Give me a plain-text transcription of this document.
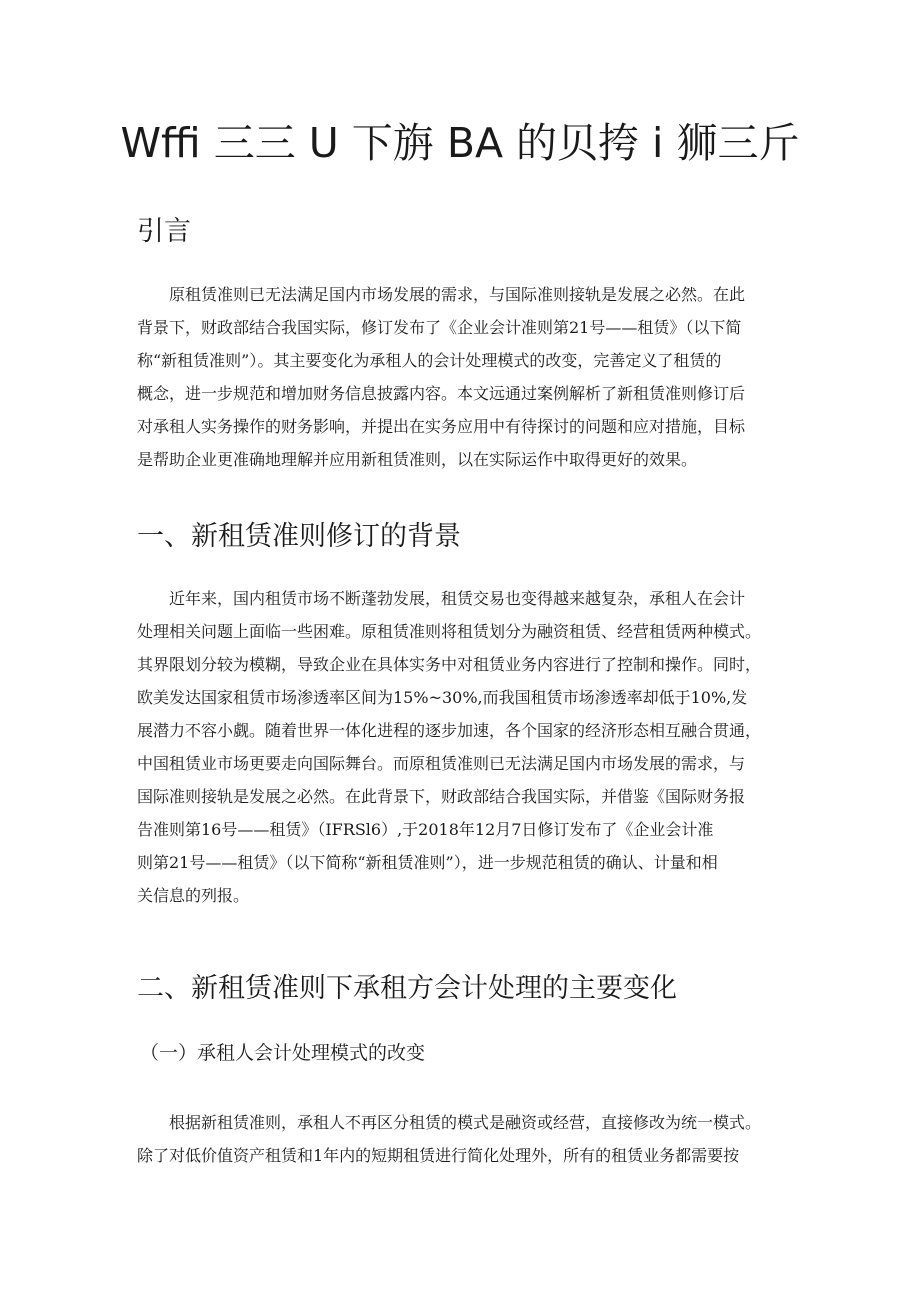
Wffi 三三 U 下旃 BA 的贝挎 i 狮三斤
引言
　　原租赁准则已无法满足国内市场发展的需求，与国际准则接轨是发展之必然。在此
背景下，财政部结合我国实际，修订发布了《企业会计准则第21号——租赁》（以下简
称“新租赁准则”）。其主要变化为承租人的会计处理模式的改变，完善定义了租赁的
概念，进一步规范和增加财务信息披露内容。本文远通过案例解析了新租赁准则修订后
对承租人实务操作的财务影响，并提出在实务应用中有待探讨的问题和应对措施，目标
是帮助企业更准确地理解并应用新租赁准则，以在实际运作中取得更好的效果。
一、新租赁准则修订的背景
　　近年来，国内租赁市场不断蓬勃发展，租赁交易也变得越来越复杂，承租人在会计
处理相关问题上面临一些困难。原租赁准则将租赁划分为融资租赁、经营租赁两种模式。
其界限划分较为模糊，导致企业在具体实务中对租赁业务内容进行了控制和操作。同时，
欧美发达国家租赁市场渗透率区间为15%~30%,而我国租赁市场渗透率却低于10%,发
展潜力不容小觑。随着世界一体化进程的逐步加速，各个国家的经济形态相互融合贯通，
中国租赁业市场更要走向国际舞台。而原租赁准则已无法满足国内市场发展的需求，与
国际准则接轨是发展之必然。在此背景下，财政部结合我国实际，并借鉴《国际财务报
告准则第16号——租赁》（IFRSl6）,于2018年12月7日修订发布了《企业会计准
则第21号——租赁》（以下简称“新租赁准则”），进一步规范租赁的确认、计量和相
关信息的列报。
二、新租赁准则下承租方会计处理的主要变化
（一）承租人会计处理模式的改变
　　根据新租赁准则，承租人不再区分租赁的模式是融资或经营，直接修改为统一模式。
除了对低价值资产租赁和1年内的短期租赁进行简化处理外，所有的租赁业务都需要按
